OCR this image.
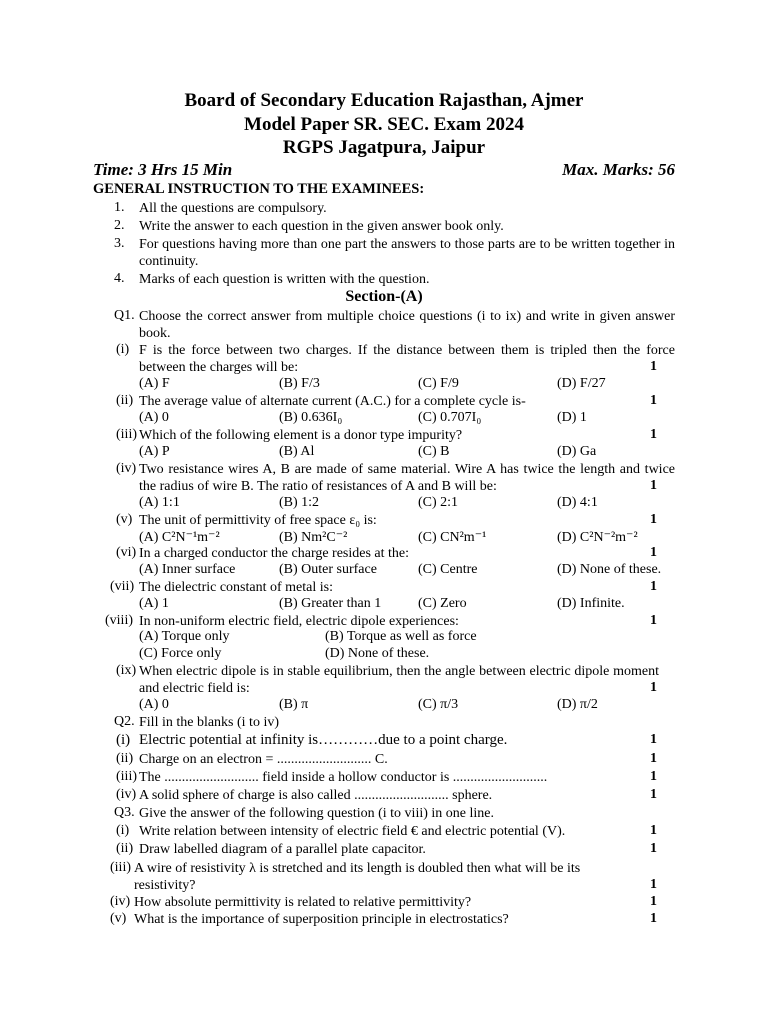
Board of Secondary Education Rajasthan, Ajmer
Model Paper SR. SEC. Exam 2024
RGPS Jagatpura, Jaipur
Time: 3 Hrs 15 Min	Max. Marks: 56
GENERAL INSTRUCTION TO THE EXAMINEES:
1. All the questions are compulsory.
2. Write the answer to each question in the given answer book only.
3. For questions having more than one part the answers to those parts are to be written together in continuity.
4. Marks of each question is written with the question.
Section-(A)
Q1. Choose the correct answer from multiple choice questions (i to ix) and write in given answer book.
(i) F is the force between two charges. If the distance between them is tripled then the force between the charges will be:	1
(A) F	(B) F/3	(C) F/9	(D) F/27
(ii) The average value of alternate current (A.C.) for a complete cycle is-	1
(A) 0	(B) 0.636I₀	(C) 0.707I₀	(D) 1
(iii) Which of the following element is a donor type impurity?	1
(A) P	(B) Al	(C) B	(D) Ga
(iv) Two resistance wires A, B are made of same material. Wire A has twice the length and twice the radius of wire B. The ratio of resistances of A and B will be:	1
(A) 1:1	(B) 1:2	(C) 2:1	(D) 4:1
(v) The unit of permittivity of free space ε₀ is:	1
(A) C²N⁻¹m⁻²	(B) Nm²C⁻²	(C) CN²m⁻¹	(D) C²N⁻²m⁻²
(vi) In a charged conductor the charge resides at the:	1
(A) Inner surface	(B) Outer surface	(C) Centre	(D) None of these.
(vii) The dielectric constant of metal is:	1
(A) 1	(B) Greater than 1	(C) Zero	(D) Infinite.
(viii) In non-uniform electric field, electric dipole experiences:	1
(A) Torque only	(B) Torque as well as force
(C) Force only	(D) None of these.
(ix) When electric dipole is in stable equilibrium, then the angle between electric dipole moment and electric field is:	1
(A) 0	(B) π	(C) π/3	(D) π/2
Q2. Fill in the blanks (i to iv)
(i) Electric potential at infinity is…………due to a point charge.	1
(ii) Charge on an electron = ........................... C.	1
(iii) The ........................... field inside a hollow conductor is ...........................	1
(iv) A solid sphere of charge is also called ........................... sphere.	1
Q3. Give the answer of the following question (i to viii) in one line.
(i) Write relation between intensity of electric field € and electric potential (V).	1
(ii) Draw labelled diagram of a parallel plate capacitor.	1
(iii) A wire of resistivity λ is stretched and its length is doubled then what will be its
resistivity?	1
(iv) How absolute permittivity is related to relative permittivity?	1
(v) What is the importance of superposition principle in electrostatics?	1
